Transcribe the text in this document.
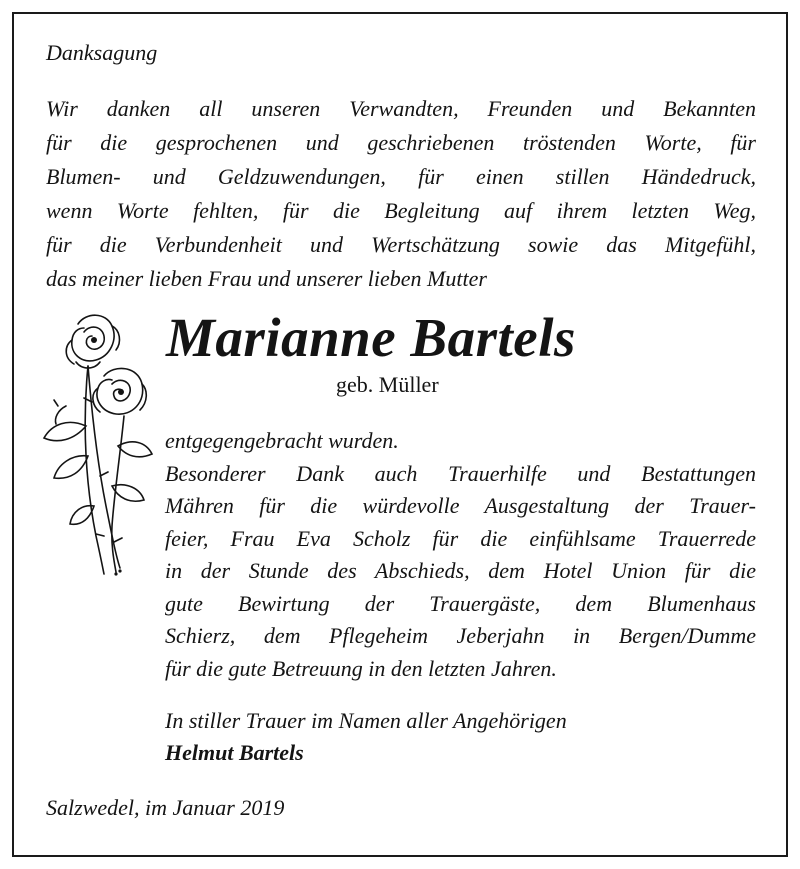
Danksagung
Wir danken all unseren Verwandten, Freunden und Bekannten
für die gesprochenen und geschriebenen tröstenden Worte, für
Blumen- und Geldzuwendungen, für einen stillen Händedruck,
wenn Worte fehlten, für die Begleitung auf ihrem letzten Weg,
für die Verbundenheit und Wertschätzung sowie das Mitgefühl,
das meiner lieben Frau und unserer lieben Mutter
Marianne Bartels
geb. Müller
entgegengebracht wurden.
Besonderer Dank auch Trauerhilfe und Bestattungen
Mähren für die würdevolle Ausgestaltung der Trauer-
feier, Frau Eva Scholz für die einfühlsame Trauerrede
in der Stunde des Abschieds, dem Hotel Union für die
gute Bewirtung der Trauergäste, dem Blumenhaus
Schierz, dem Pflegeheim Jeberjahn in Bergen/Dumme
für die gute Betreuung in den letzten Jahren.
In stiller Trauer im Namen aller Angehörigen
Helmut Bartels
Salzwedel, im Januar 2019
